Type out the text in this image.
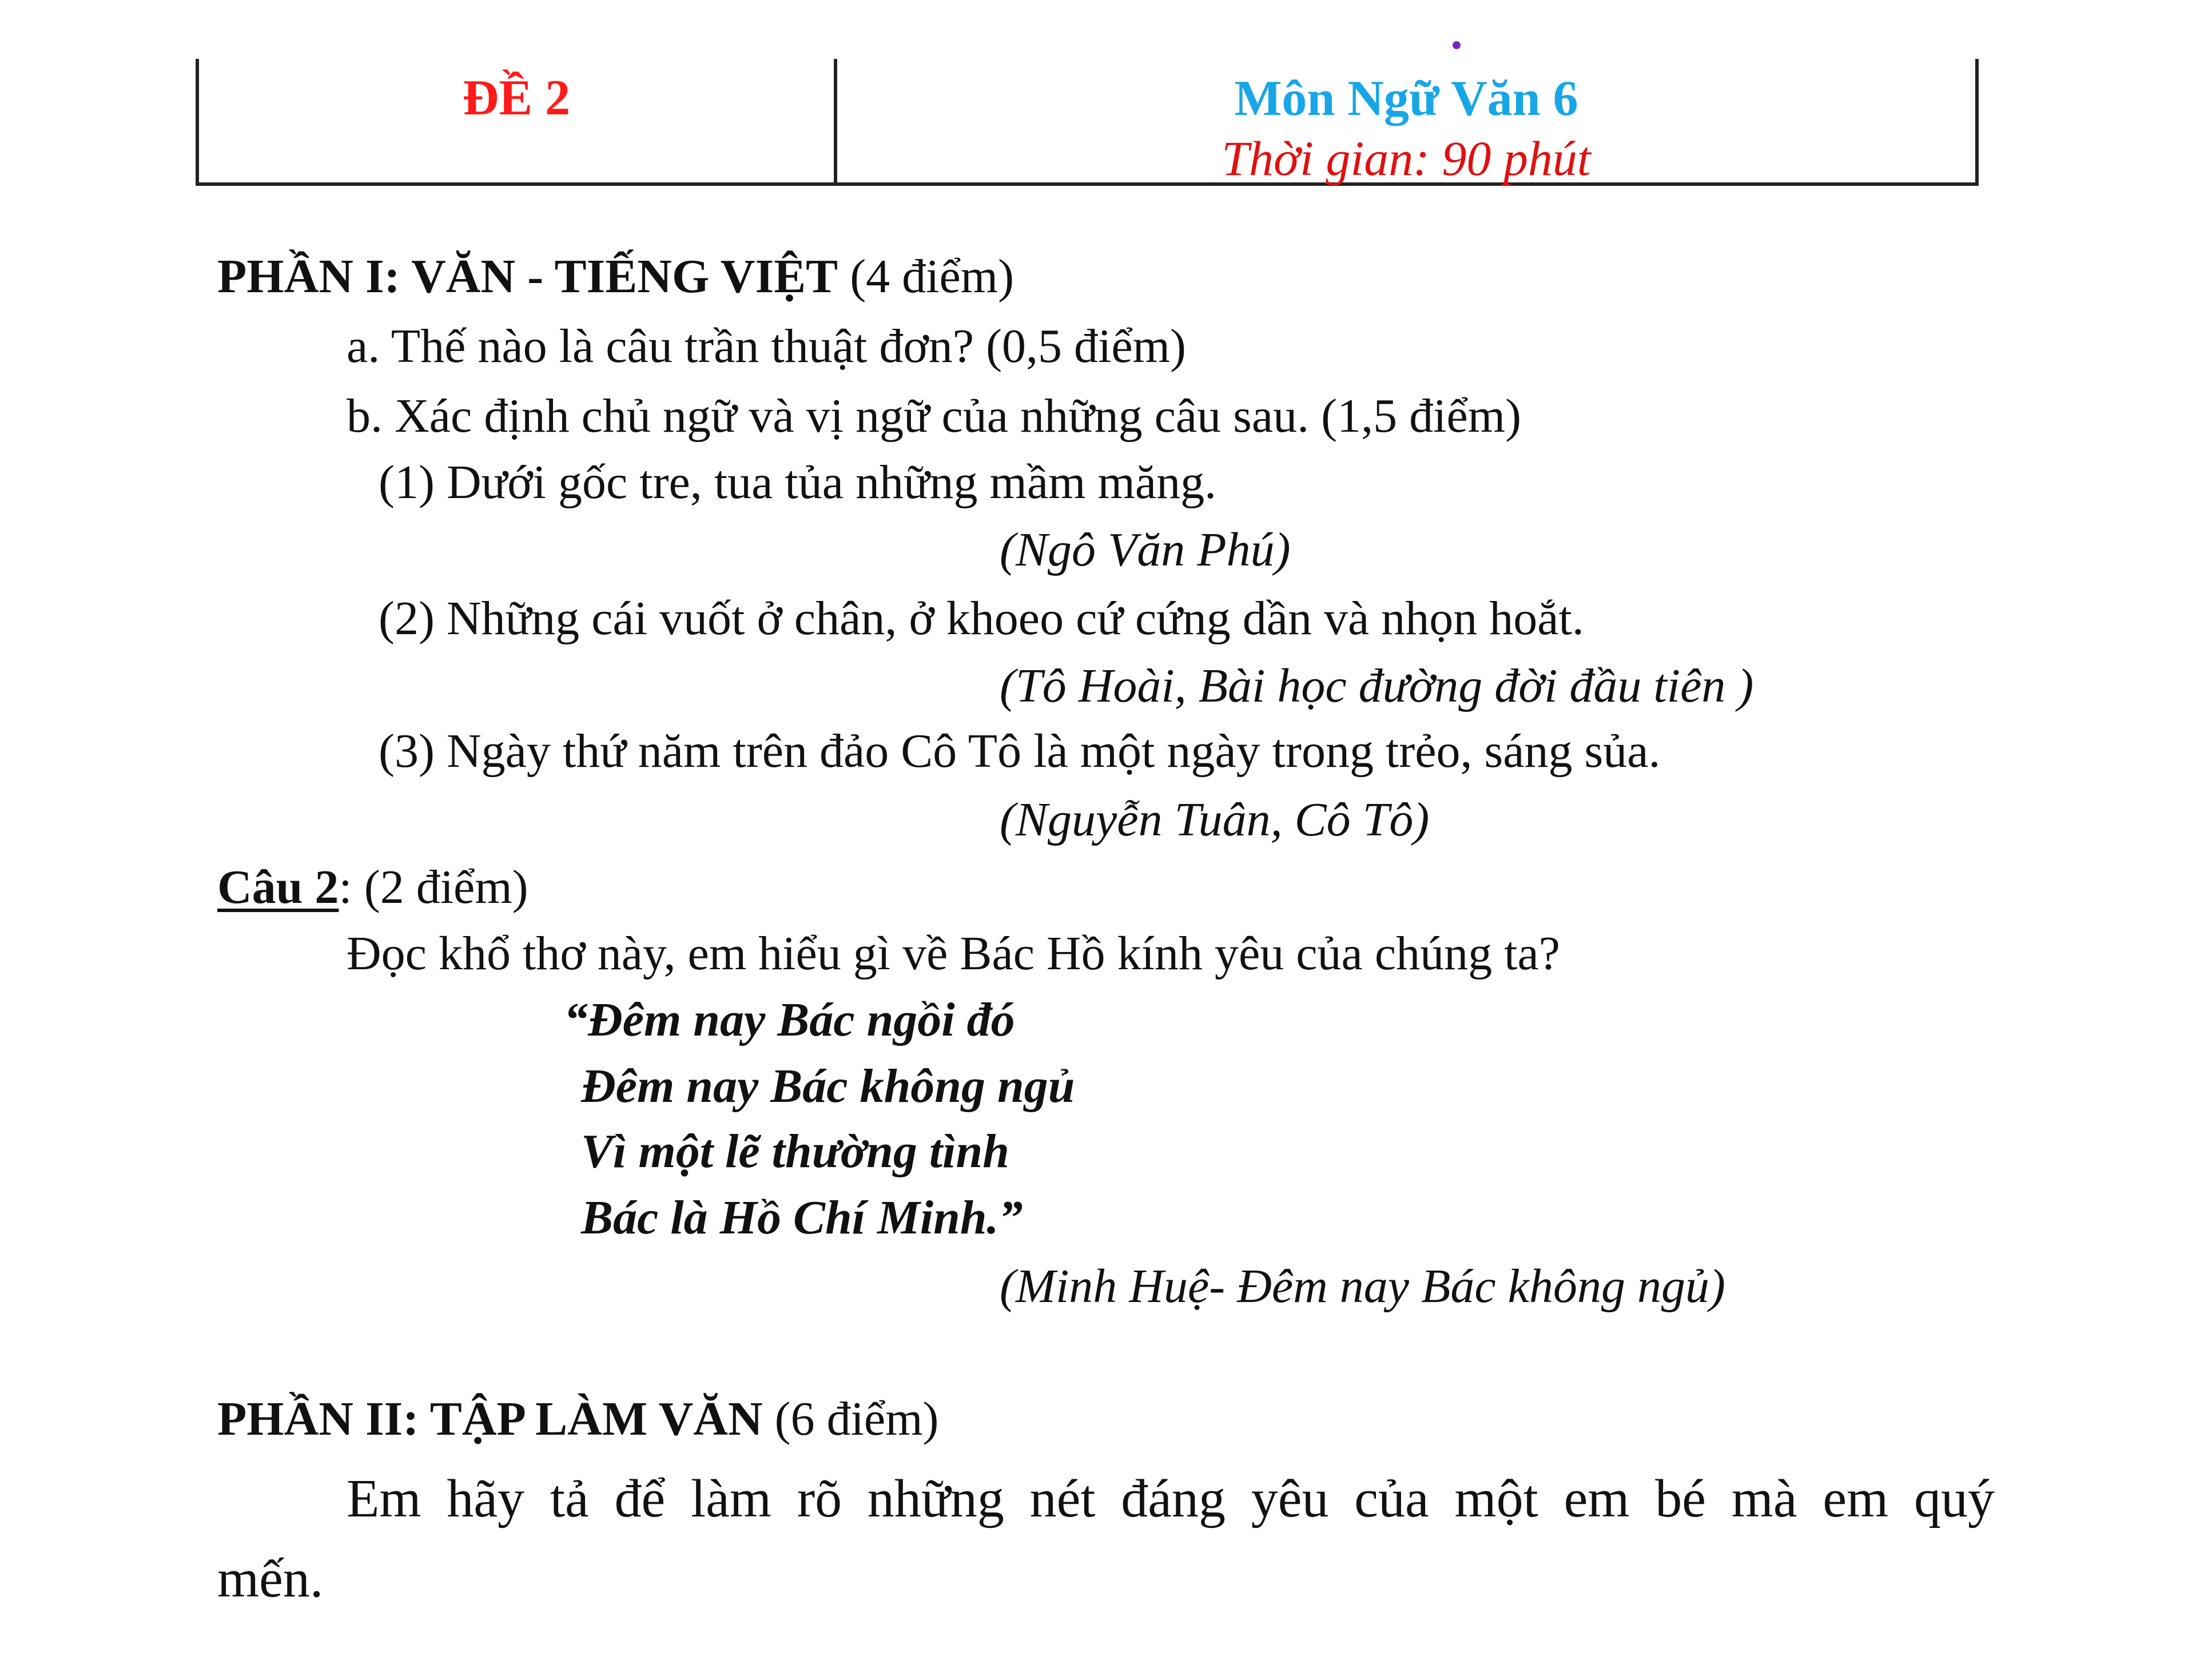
ĐỀ 2	Môn Ngữ Văn 6
Thời gian: 90 phút
PHẦN I: VĂN - TIẾNG VIỆT (4 điểm)
a. Thế nào là câu trần thuật đơn? (0,5 điểm)
b. Xác định chủ ngữ và vị ngữ của những câu sau. (1,5 điểm)
(1) Dưới gốc tre, tua tủa những mầm măng.
(Ngô Văn Phú)
(2) Những cái vuốt ở chân, ở khoeo cứ cứng dần và nhọn hoắt.
(Tô Hoài, Bài học đường đời đầu tiên )
(3) Ngày thứ năm trên đảo Cô Tô là một ngày trong trẻo, sáng sủa.
(Nguyễn Tuân, Cô Tô)
Câu 2: (2 điểm)
Đọc khổ thơ này, em hiểu gì về Bác Hồ kính yêu của chúng ta?
“Đêm nay Bác ngồi đó
Đêm nay Bác không ngủ
Vì một lẽ thường tình
Bác là Hồ Chí Minh.”
(Minh Huệ- Đêm nay Bác không ngủ)
PHẦN II: TẬP LÀM VĂN (6 điểm)
Em hãy tả để làm rõ những nét đáng yêu của một em bé mà em quý
mến.
